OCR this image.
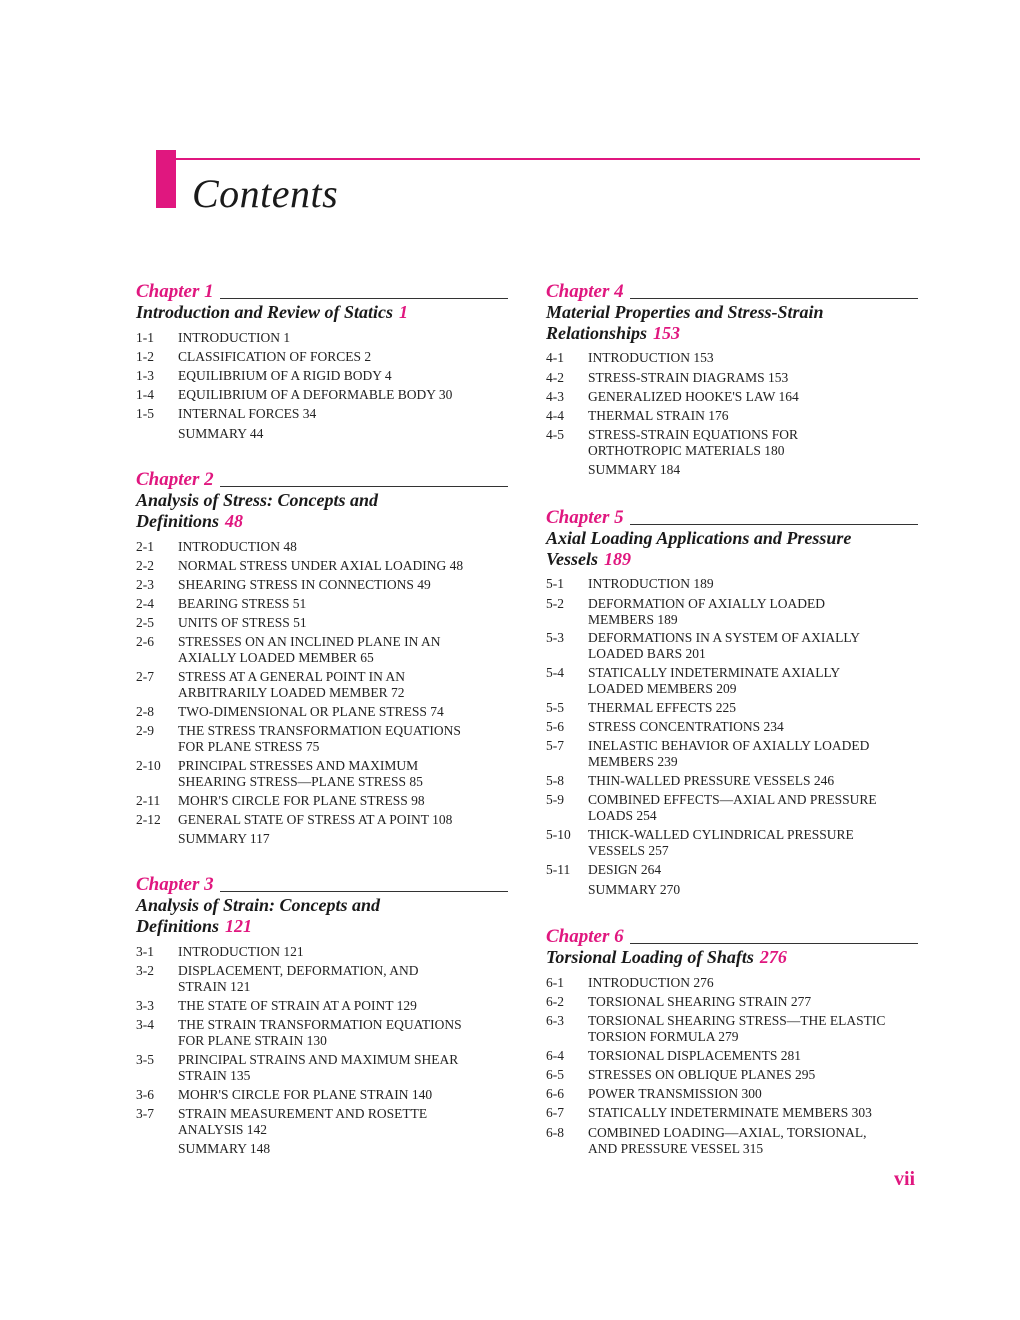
Contents
Chapter 1
Introduction and Review of Statics 1
1-1 INTRODUCTION 1
1-2 CLASSIFICATION OF FORCES 2
1-3 EQUILIBRIUM OF A RIGID BODY 4
1-4 EQUILIBRIUM OF A DEFORMABLE BODY 30
1-5 INTERNAL FORCES 34
SUMMARY 44
Chapter 2
Analysis of Stress: Concepts and
Definitions 48
2-1 INTRODUCTION 48
2-2 NORMAL STRESS UNDER AXIAL LOADING 48
2-3 SHEARING STRESS IN CONNECTIONS 49
2-4 BEARING STRESS 51
2-5 UNITS OF STRESS 51
2-6 STRESSES ON AN INCLINED PLANE IN AN
AXIALLY LOADED MEMBER 65
2-7 STRESS AT A GENERAL POINT IN AN
ARBITRARILY LOADED MEMBER 72
2-8 TWO-DIMENSIONAL OR PLANE STRESS 74
2-9 THE STRESS TRANSFORMATION EQUATIONS
FOR PLANE STRESS 75
2-10 PRINCIPAL STRESSES AND MAXIMUM
SHEARING STRESS—PLANE STRESS 85
2-11 MOHR'S CIRCLE FOR PLANE STRESS 98
2-12 GENERAL STATE OF STRESS AT A POINT 108
SUMMARY 117
Chapter 3
Analysis of Strain: Concepts and
Definitions 121
3-1 INTRODUCTION 121
3-2 DISPLACEMENT, DEFORMATION, AND
STRAIN 121
3-3 THE STATE OF STRAIN AT A POINT 129
3-4 THE STRAIN TRANSFORMATION EQUATIONS
FOR PLANE STRAIN 130
3-5 PRINCIPAL STRAINS AND MAXIMUM SHEAR
STRAIN 135
3-6 MOHR'S CIRCLE FOR PLANE STRAIN 140
3-7 STRAIN MEASUREMENT AND ROSETTE
ANALYSIS 142
SUMMARY 148
Chapter 4
Material Properties and Stress-Strain
Relationships 153
4-1 INTRODUCTION 153
4-2 STRESS-STRAIN DIAGRAMS 153
4-3 GENERALIZED HOOKE'S LAW 164
4-4 THERMAL STRAIN 176
4-5 STRESS-STRAIN EQUATIONS FOR
ORTHOTROPIC MATERIALS 180
SUMMARY 184
Chapter 5
Axial Loading Applications and Pressure
Vessels 189
5-1 INTRODUCTION 189
5-2 DEFORMATION OF AXIALLY LOADED
MEMBERS 189
5-3 DEFORMATIONS IN A SYSTEM OF AXIALLY
LOADED BARS 201
5-4 STATICALLY INDETERMINATE AXIALLY
LOADED MEMBERS 209
5-5 THERMAL EFFECTS 225
5-6 STRESS CONCENTRATIONS 234
5-7 INELASTIC BEHAVIOR OF AXIALLY LOADED
MEMBERS 239
5-8 THIN-WALLED PRESSURE VESSELS 246
5-9 COMBINED EFFECTS—AXIAL AND PRESSURE
LOADS 254
5-10 THICK-WALLED CYLINDRICAL PRESSURE
VESSELS 257
5-11 DESIGN 264
SUMMARY 270
Chapter 6
Torsional Loading of Shafts 276
6-1 INTRODUCTION 276
6-2 TORSIONAL SHEARING STRAIN 277
6-3 TORSIONAL SHEARING STRESS—THE ELASTIC
TORSION FORMULA 279
6-4 TORSIONAL DISPLACEMENTS 281
6-5 STRESSES ON OBLIQUE PLANES 295
6-6 POWER TRANSMISSION 300
6-7 STATICALLY INDETERMINATE MEMBERS 303
6-8 COMBINED LOADING—AXIAL, TORSIONAL,
AND PRESSURE VESSEL 315

vii
